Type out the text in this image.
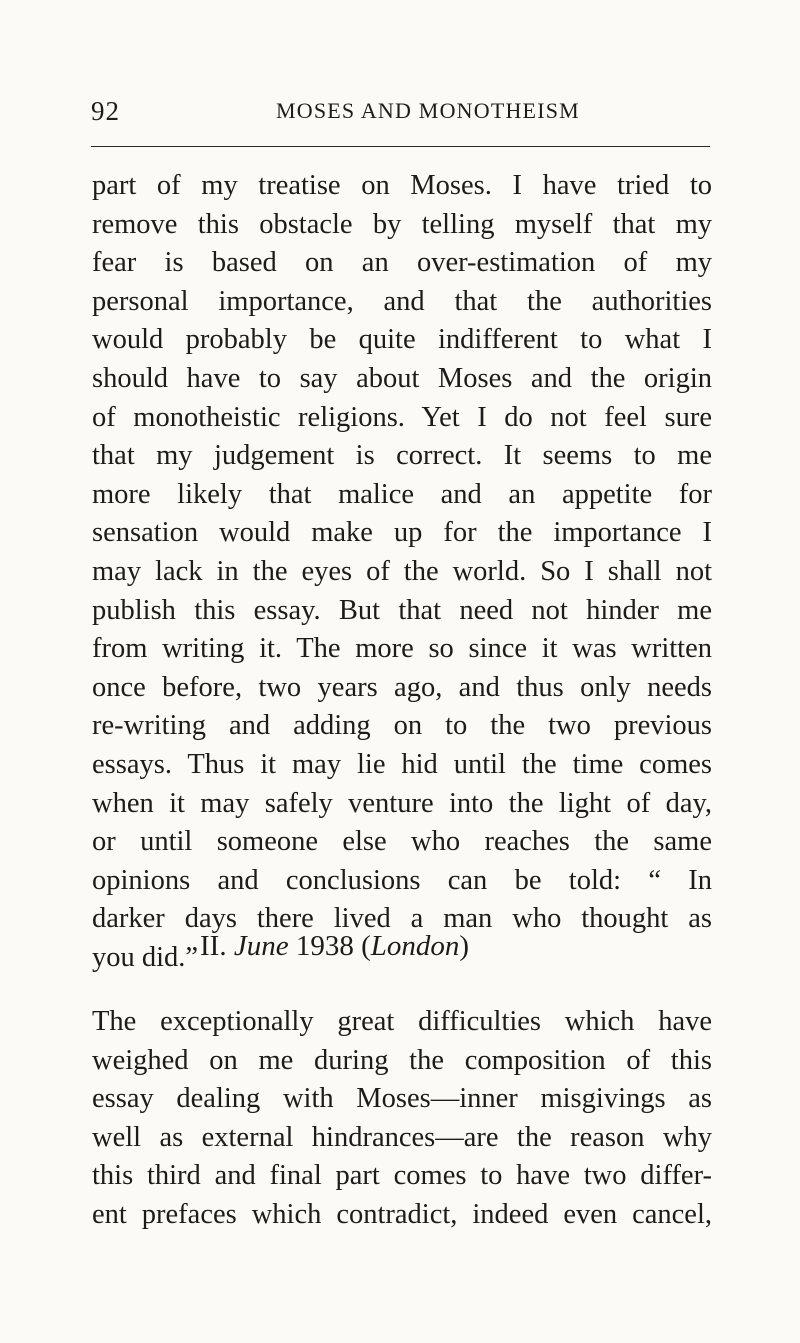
92	MOSES AND MONOTHEISM
part of my treatise on Moses. I have tried to
remove this obstacle by telling myself that my
fear is based on an over-estimation of my
personal importance, and that the authorities
would probably be quite indifferent to what I
should have to say about Moses and the origin
of monotheistic religions. Yet I do not feel sure
that my judgement is correct. It seems to me
more likely that malice and an appetite for
sensation would make up for the importance I
may lack in the eyes of the world. So I shall not
publish this essay. But that need not hinder me
from writing it. The more so since it was written
once before, two years ago, and thus only needs
re-writing and adding on to the two previous
essays. Thus it may lie hid until the time comes
when it may safely venture into the light of day,
or until someone else who reaches the same
opinions and conclusions can be told: “ In
darker days there lived a man who thought as
you did.” II. June 1938 (London)
The exceptionally great difficulties which have
weighed on me during the composition of this
essay dealing with Moses—inner misgivings as
well as external hindrances—are the reason why
this third and final part comes to have two differ-
ent prefaces which contradict, indeed even cancel,
